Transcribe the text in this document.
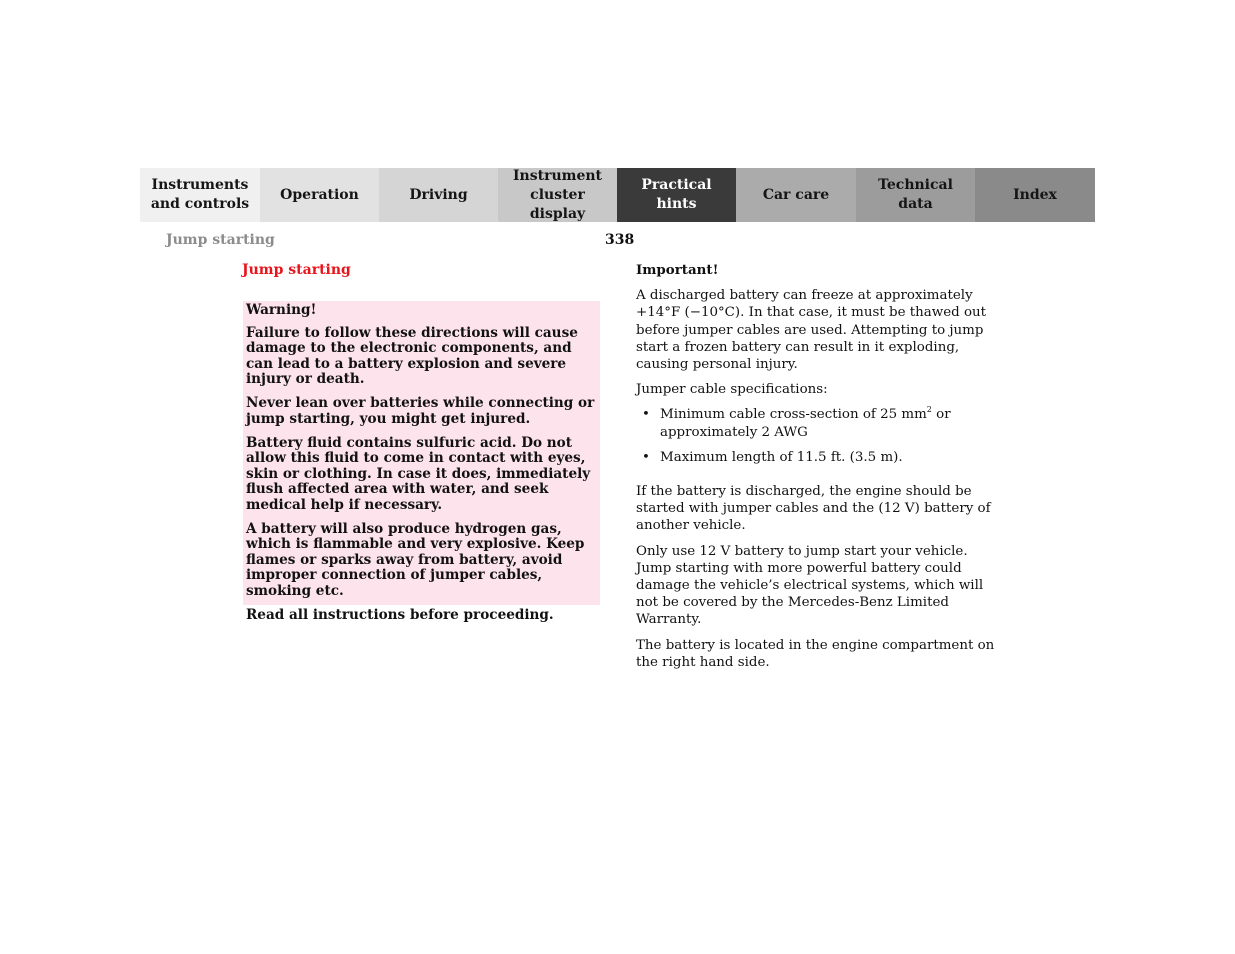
Instruments
and controls
Operation	Driving
Instrument
cluster display
Practical hints
Car care
Technical
data
Index
Jump starting	338
Jump starting

Warning!

Failure to follow these directions will cause damage to the electronic components, and can lead to a battery explosion and severe injury or death.

Never lean over batteries while connecting or jump starting, you might get injured.

Battery fluid contains sulfuric acid. Do not allow this fluid to come in contact with eyes, skin or clothing. In case it does, immediately flush affected area with water, and seek medical help if necessary.

A battery will also produce hydrogen gas, which is flammable and very explosive. Keep flames or sparks away from battery, avoid improper connection of jumper cables, smoking etc.

Read all instructions before proceeding.

Important!

A discharged battery can freeze at approximately +14°F (−10°C). In that case, it must be thawed out before jumper cables are used. Attempting to jump start a frozen battery can result in it exploding, causing personal injury.

Jumper cable specifications:

• Minimum cable cross-section of 25 $mm^2$ or approximately 2 AWG
• Maximum length of 11.5 ft. (3.5 m).

If the battery is discharged, the engine should be started with jumper cables and the (12 V) battery of another vehicle.

Only use 12 V battery to jump start your vehicle. Jump starting with more powerful battery could damage the vehicle’s electrical systems, which will not be covered by the Mercedes-Benz Limited Warranty.

The battery is located in the engine compartment on the right hand side.
